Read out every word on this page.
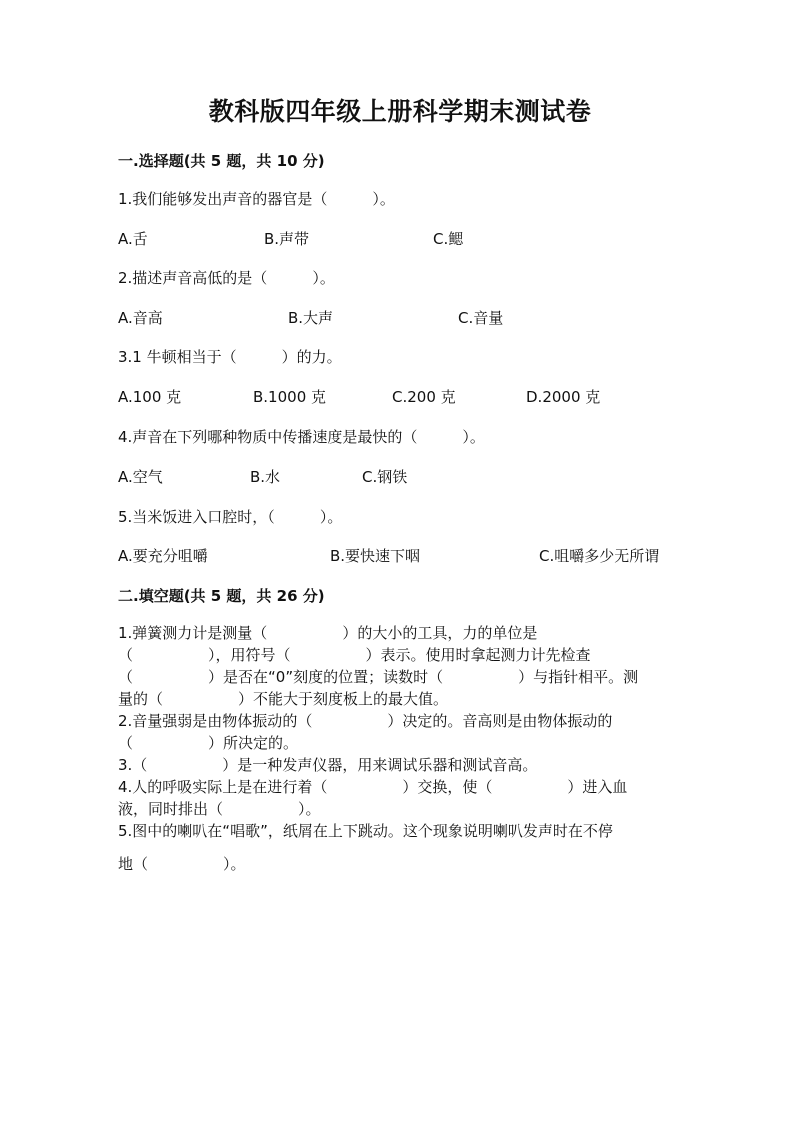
教科版四年级上册科学期末测试卷
一.选择题(共 5 题，共 10 分)
1.我们能够发出声音的器官是（　　　）。
A.舌	B.声带	C.鳃
2.描述声音高低的是（　　　）。
A.音高	B.大声	C.音量
3.1 牛顿相当于（　　　）的力。
A.100 克	B.1000 克	C.200 克	D.2000 克
4.声音在下列哪种物质中传播速度是最快的（　　　）。
A.空气	B.水	C.钢铁
5.当米饭进入口腔时，（　　　）。
A.要充分咀嚼	B.要快速下咽	C.咀嚼多少无所谓
二.填空题(共 5 题，共 26 分)
1.弹簧测力计是测量（　　　　　）的大小的工具，力的单位是
（　　　　　），用符号（　　　　　）表示。使用时拿起测力计先检查
（　　　　　）是否在“0”刻度的位置；读数时（　　　　　）与指针相平。测
量的（　　　　　）不能大于刻度板上的最大值。
2.音量强弱是由物体振动的（　　　　　）决定的。音高则是由物体振动的
（　　　　　）所决定的。
3.（　　　　　）是一种发声仪器，用来调试乐器和测试音高。
4.人的呼吸实际上是在进行着（　　　　　）交换，使（　　　　　）进入血
液，同时排出（　　　　　）。
5.图中的喇叭在“唱歌”，纸屑在上下跳动。这个现象说明喇叭发声时在不停
地（　　　　　）。
